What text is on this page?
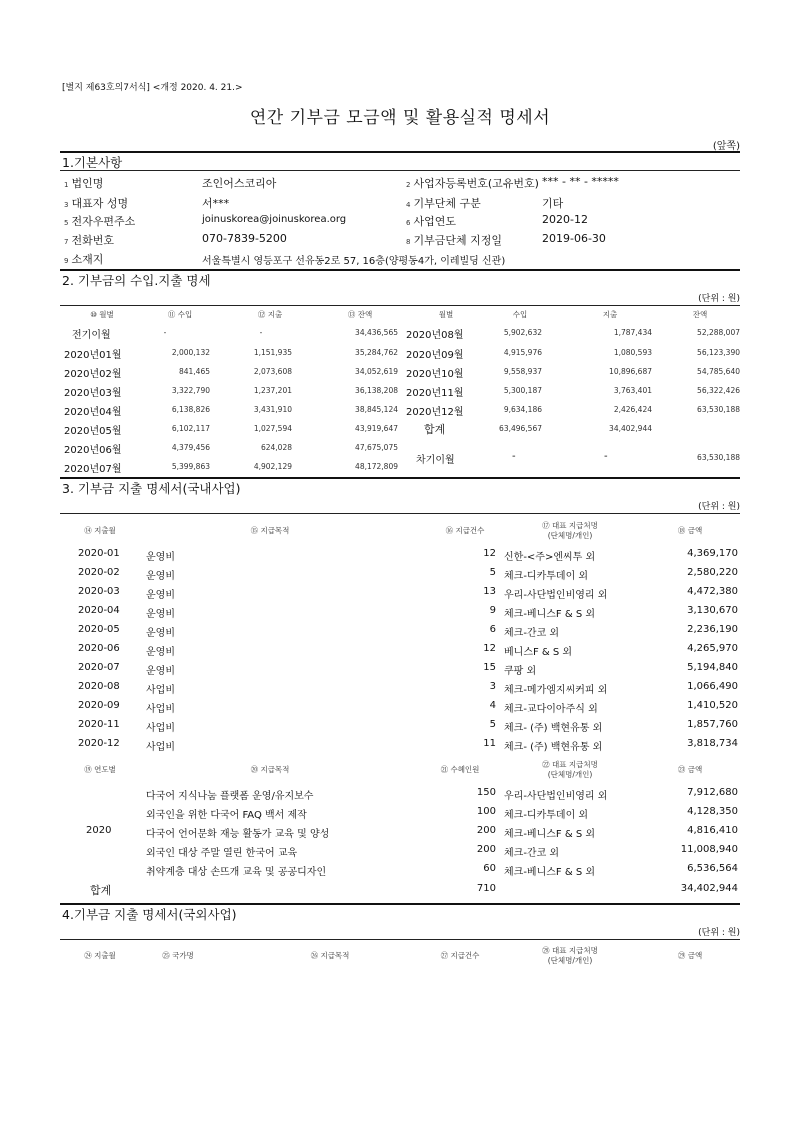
[별지 제63호의7서식] <개정 2020. 4. 21.>
연간 기부금 모금액 및 활용실적 명세서
(앞쪽)
1.기본사항
1 법인명	조인어스코리아	2 사업자등록번호(고유번호) *** - ** - *****
3 대표자 성명	서***	4 기부단체 구분	기타
5 전자우편주소	joinuskorea@joinuskorea.org	6 사업연도	2020-12
7 전화번호	070-7839-5200	8 기부금단체 지정일	2019-06-30
9 소재지	서울특별시 영등포구 선유동2로 57, 16층(양평동4가, 이레빌딩 신관)
2. 기부금의 수입.지출 명세
(단위 : 원)
⑩ 월별	⑪ 수입	⑫ 지출	⑬ 잔액	월별	수입	지출	잔액
전기이월	-	-	34,436,565
2020년01월	2,000,132	1,151,935	35,284,762
2020년02월	841,465	2,073,608	34,052,619
2020년03월	3,322,790	1,237,201	36,138,208
2020년04월	6,138,826	3,431,910	38,845,124
2020년05월	6,102,117	1,027,594	43,919,647
2020년06월	4,379,456	624,028	47,675,075
2020년07월	5,399,863	4,902,129	48,172,809
2020년08월	5,902,632	1,787,434	52,288,007
2020년09월	4,915,976	1,080,593	56,123,390
2020년10월	9,558,937	10,896,687	54,785,640
2020년11월	5,300,187	3,763,401	56,322,426
2020년12월	9,634,186	2,426,424	63,530,188
합계	63,496,567	34,402,944
차기이월	-	-	63,530,188
3. 기부금 지출 명세서(국내사업)
(단위 : 원)
⑭ 지출월	⑮ 지급목적	⑯ 지급건수
⑰ 대표 지급처명
(단체명/개인)
⑱ 금액
2020-01	운영비	12 신한-<주>엔씨투 외	4,369,170
2020-02	운영비	5 체크-디카투데이 외	2,580,220
2020-03	운영비	13 우리-사단법인비영리 외	4,472,380
2020-04	운영비	9 체크-베니스F & S 외	3,130,670
2020-05	운영비	6 체크-간코 외	2,236,190
2020-06	운영비	12 베니스F & S 외	4,265,970
2020-07	운영비	15 쿠팡 외	5,194,840
2020-08	사업비	3 체크-메가엠지씨커피 외	1,066,490
2020-09	사업비	4 체크-교다이아주식 외	1,410,520
2020-11	사업비	5 체크- (주) 백현유통 외	1,857,760
2020-12	사업비	11 체크- (주) 백현유통 외	3,818,734
⑲ 연도별	⑳ 지급목적	㉑ 수혜인원
㉒ 대표 지급처명
(단체명/개인)
㉓ 금액
2020
다국어 지식나눔 플랫폼 운영/유지보수	150 우리-사단법인비영리 외	7,912,680
외국인을 위한 다국어 FAQ 백서 제작	100 체크-디카투데이 외	4,128,350
다국어 언어문화 재능 활동가 교육 및 양성	200 체크-베니스F & S 외	4,816,410
외국인 대상 주말 열린 한국어 교육	200 체크-간코 외	11,008,940
취약계층 대상 손뜨개 교육 및 공공디자인	60 체크-베니스F & S 외	6,536,564
합계	710	34,402,944
4.기부금 지출 명세서(국외사업)
(단위 : 원)
㉔ 지출월	㉕ 국가명	㉖ 지급목적	㉗ 지급건수
㉘ 대표 지급처명
(단체명/개인)
㉙ 금액
